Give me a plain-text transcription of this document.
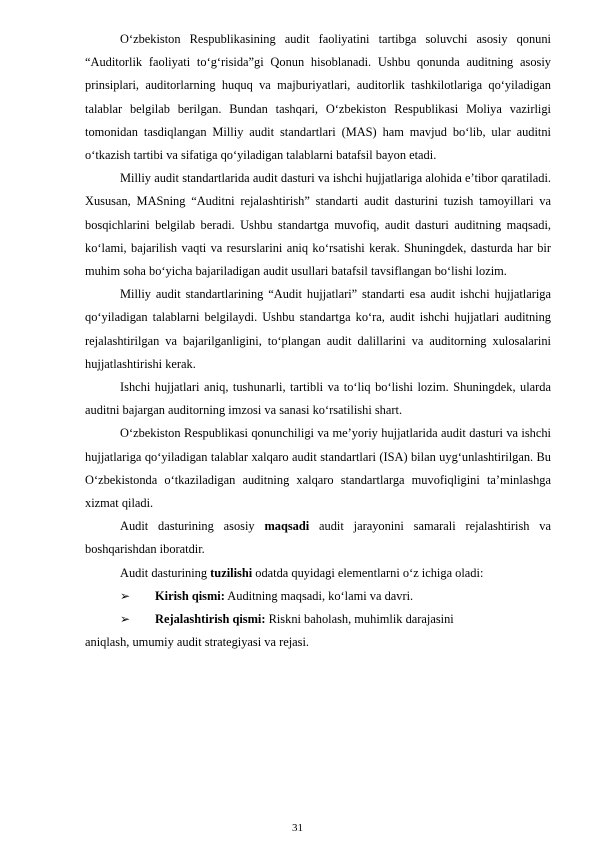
O‘zbekiston Respublikasining audit faoliyatini tartibga soluvchi asosiy qonuni “Auditorlik faoliyati to‘g‘risida”gi Qonun hisoblanadi. Ushbu qonunda auditning asosiy prinsiplari, auditorlarning huquq va majburiyatlari, auditorlik tashkilotlariga qo‘yiladigan talablar belgilab berilgan. Bundan tashqari, O‘zbekiston Respublikasi Moliya vazirligi tomonidan tasdiqlangan Milliy audit standartlari (MAS) ham mavjud bo‘lib, ular auditni o‘tkazish tartibi va sifatiga qo‘yiladigan talablarni batafsil bayon etadi.

Milliy audit standartlarida audit dasturi va ishchi hujjatlariga alohida e’tibor qaratiladi. Xususan, MASning “Auditni rejalashtirish” standarti audit dasturini tuzish tamoyillari va bosqichlarini belgilab beradi. Ushbu standartga muvofiq, audit dasturi auditning maqsadi, ko‘lami, bajarilish vaqti va resurslarini aniq ko‘rsatishi kerak. Shuningdek, dasturda har bir muhim soha bo‘yicha bajariladigan audit usullari batafsil tavsiflangan bo‘lishi lozim.

Milliy audit standartlarining “Audit hujjatlari” standarti esa audit ishchi hujjatlariga qo‘yiladigan talablarni belgilaydi. Ushbu standartga ko‘ra, audit ishchi hujjatlari auditning rejalashtirilgan va bajarilganligini, to‘plangan audit dalillarini va auditorning xulosalarini hujjatlashtirishi kerak.

Ishchi hujjatlari aniq, tushunarli, tartibli va to‘liq bo‘lishi lozim. Shuningdek, ularda auditni bajargan auditorning imzosi va sanasi ko‘rsatilishi shart.

O‘zbekiston Respublikasi qonunchiligi va me’yoriy hujjatlarida audit dasturi va ishchi hujjatlariga qo‘yiladigan talablar xalqaro audit standartlari (ISA) bilan uyg‘unlashtirilgan. Bu O‘zbekistonda o‘tkaziladigan auditning xalqaro standartlarga muvofiqligini ta’minlashga xizmat qiladi.

Audit dasturining asosiy maqsadi audit jarayonini samarali rejalashtirish va boshqarishdan iboratdir.

Audit dasturining tuzilishi odatda quyidagi elementlarni o‘z ichiga oladi:

➢	Kirish qismi: Auditning maqsadi, ko‘lami va davri.
➢	Rejalashtirish qismi: Riskni baholash, muhimlik darajasini

aniqlash, umumiy audit strategiyasi va rejasi.

31
